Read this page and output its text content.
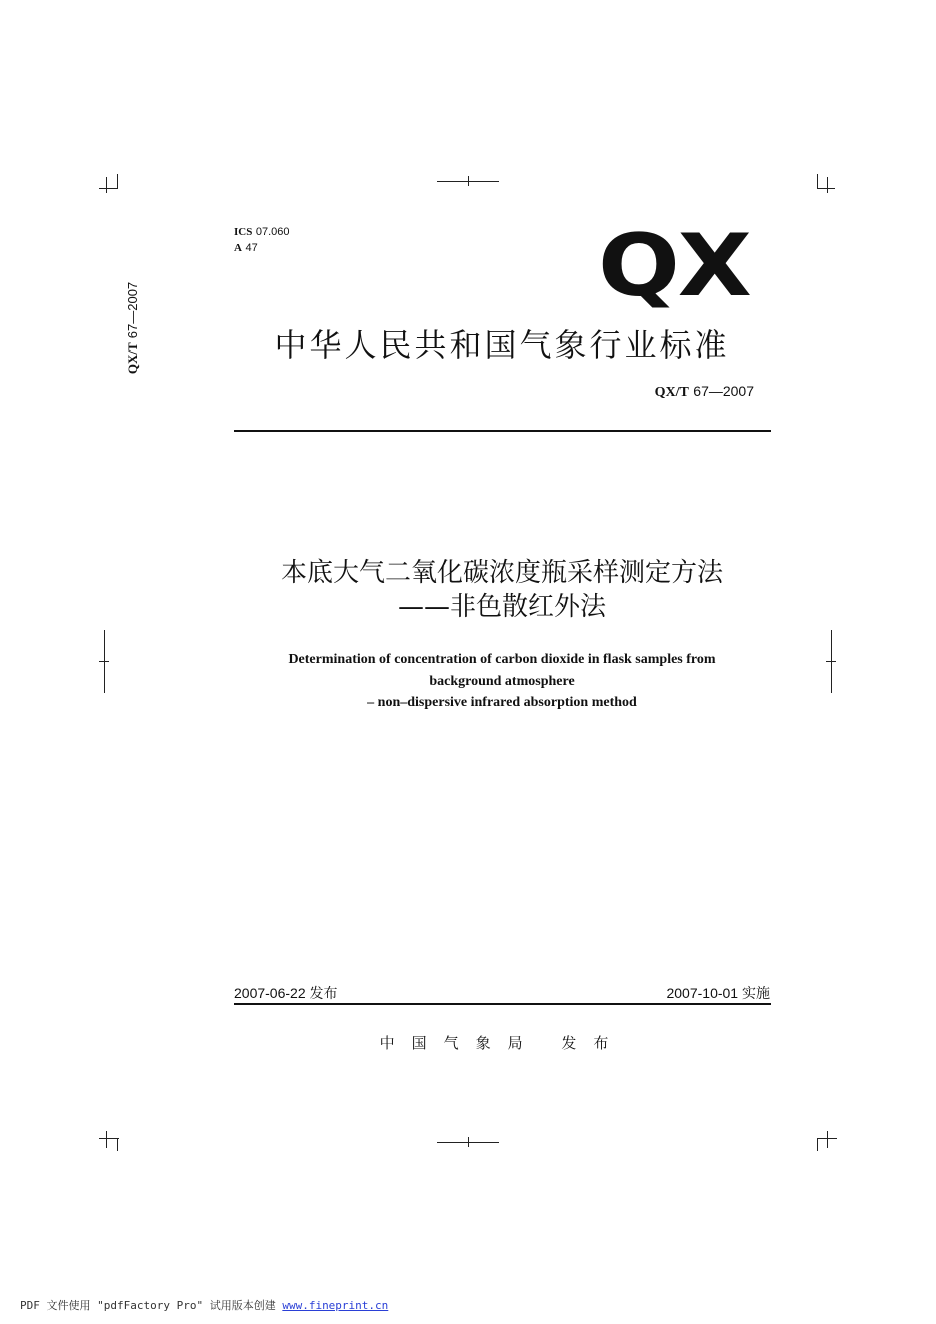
QX/T 67—2007
ICS 07.060
A 47	QX
中华人民共和国气象行业标准
QX/T 67—2007
本底大气二氧化碳浓度瓶采样测定方法
——非色散红外法
Determination of concentration of carbon dioxide in flask samples from
background atmosphere
– non–dispersive infrared absorption method
2007-06-22 发布	2007-10-01 实施
中国气象局 发布
PDF 文件使用 "pdfFactory Pro" 试用版本创建 www.fineprint.cn
